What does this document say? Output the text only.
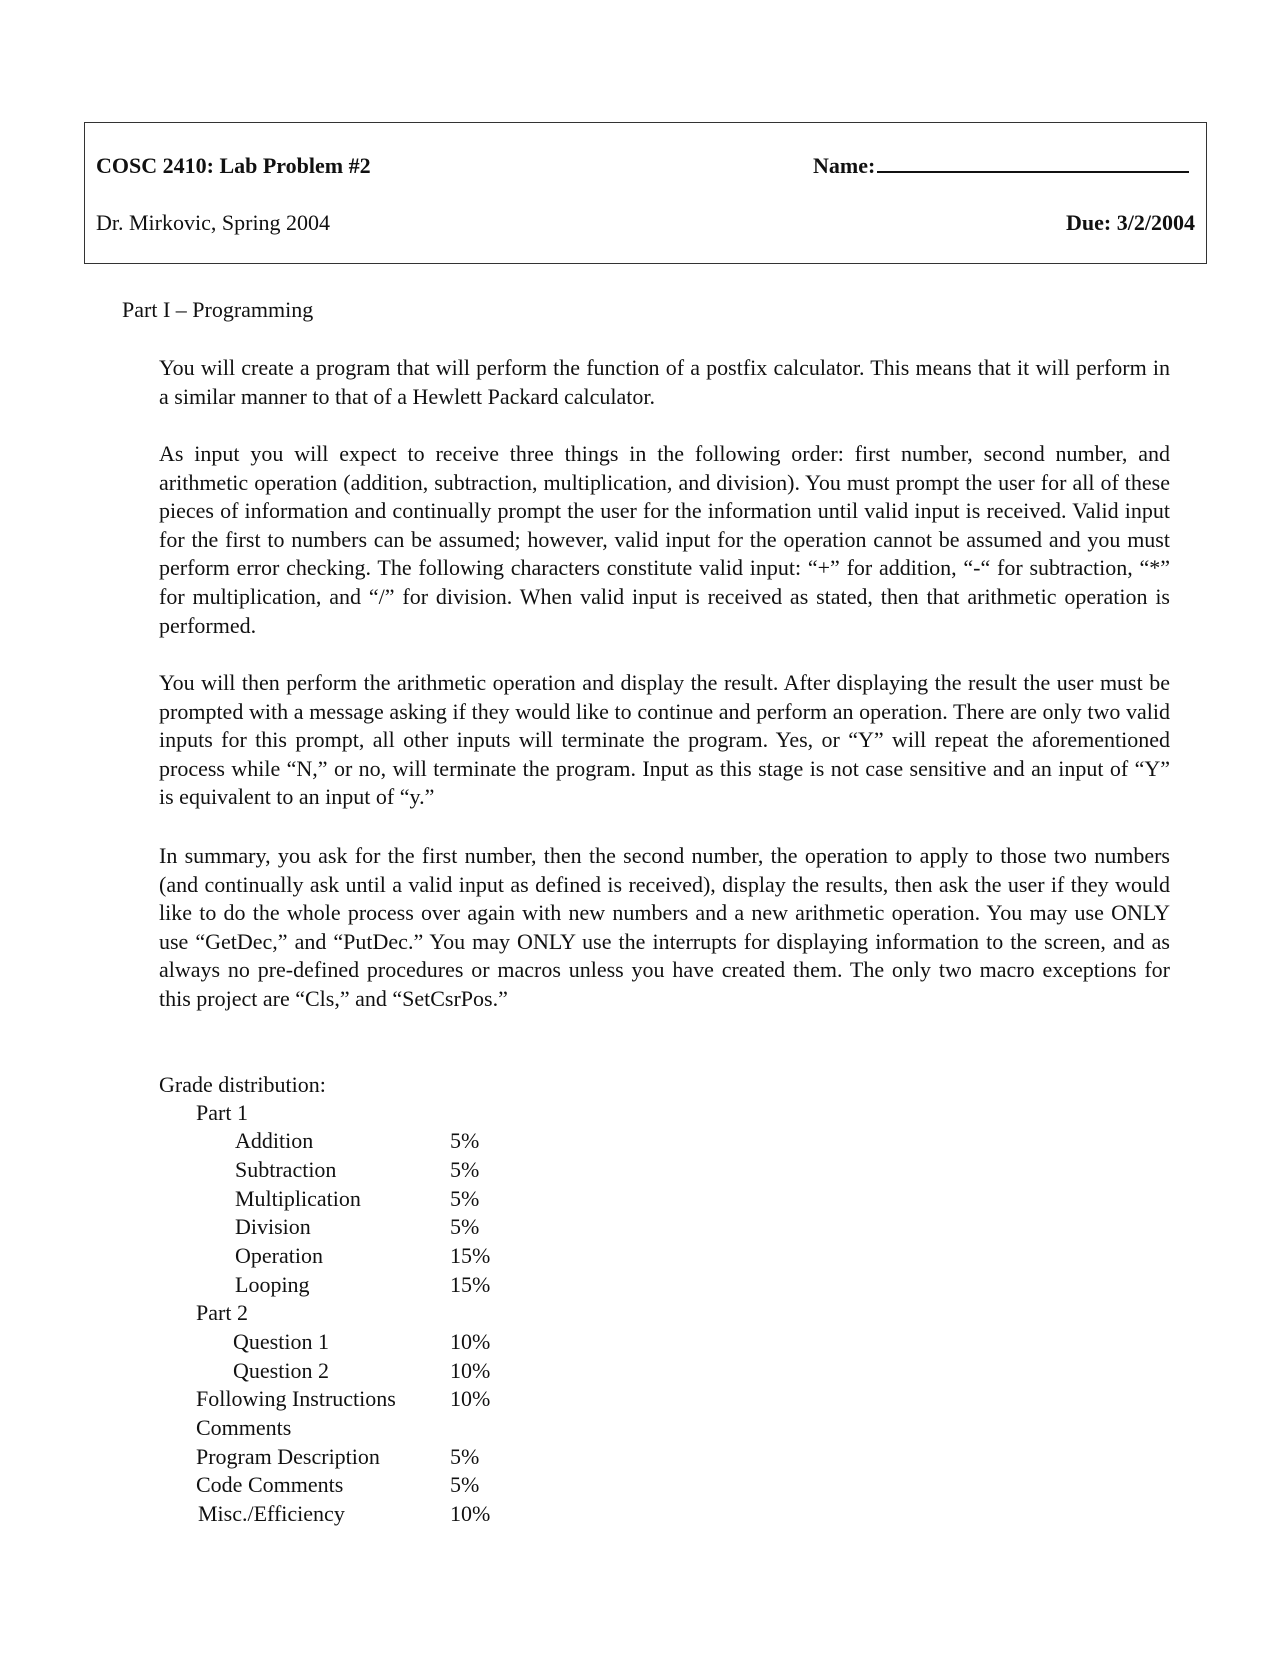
COSC 2410: Lab Problem #2	Name:
Dr. Mirkovic, Spring 2004	Due: 3/2/2004
Part I – Programming

You will create a program that will perform the function of a postfix calculator. This means that it will perform in a similar manner to that of a Hewlett Packard calculator.

As input you will expect to receive three things in the following order: first number, second number, and arithmetic operation (addition, subtraction, multiplication, and division). You must prompt the user for all of these pieces of information and continually prompt the user for the information until valid input is received. Valid input for the first to numbers can be assumed; however, valid input for the operation cannot be assumed and you must perform error checking. The following characters constitute valid input: “+” for addition, “-“ for subtraction, “*” for multiplication, and “/” for division. When valid input is received as stated, then that arithmetic operation is performed.

You will then perform the arithmetic operation and display the result. After displaying the result the user must be prompted with a message asking if they would like to continue and perform an operation. There are only two valid inputs for this prompt, all other inputs will terminate the program. Yes, or “Y” will repeat the aforementioned process while “N,” or no, will terminate the program. Input as this stage is not case sensitive and an input of “Y” is equivalent to an input of “y.”

In summary, you ask for the first number, then the second number, the operation to apply to those two numbers (and continually ask until a valid input as defined is received), display the results, then ask the user if they would like to do the whole process over again with new numbers and a new arithmetic operation. You may use ONLY use “GetDec,” and “PutDec.” You may ONLY use the interrupts for displaying information to the screen, and as always no pre-defined procedures or macros unless you have created them. The only two macro exceptions for this project are “Cls,” and “SetCsrPos.”

Grade distribution:
Part 1
Addition	5%
Subtraction	5%
Multiplication	5%
Division	5%
Operation	15%
Looping	15%
Part 2
Question 1	10%
Question 2	10%
Following Instructions 10%
Comments
Program Description	5%
Code Comments	5%
Misc./Efficiency	10%
